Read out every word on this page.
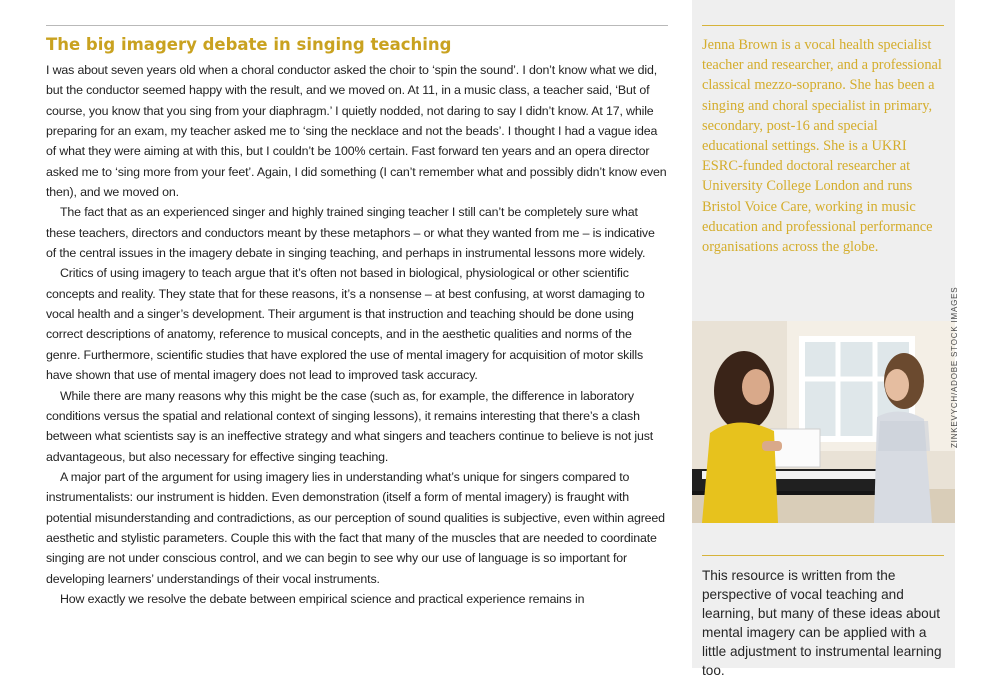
The big imagery debate in singing teaching

I was about seven years old when a choral conductor asked the choir to ‘spin the sound’. I don’t know what we did, but the conductor seemed happy with the result, and we moved on. At 11, in a music class, a teacher said, ‘But of course, you know that you sing from your diaphragm.’ I quietly nodded, not daring to say I didn’t know. At 17, while preparing for an exam, my teacher asked me to ‘sing the necklace and not the beads’. I thought I had a vague idea of what they were aiming at with this, but I couldn’t be 100% certain. Fast forward ten years and an opera director asked me to ‘sing more from your feet’. Again, I did something (I can’t remember what and possibly didn’t know even then), and we moved on.

The fact that as an experienced singer and highly trained singing teacher I still can’t be completely sure what these teachers, directors and conductors meant by these metaphors – or what they wanted from me – is indicative of the central issues in the imagery debate in singing teaching, and perhaps in instrumental lessons more widely.

Critics of using imagery to teach argue that it’s often not based in biological, physiological or other scientific concepts and reality. They state that for these reasons, it’s a nonsense – at best confusing, at worst damaging to vocal health and a singer’s development. Their argument is that instruction and teaching should be done using correct descriptions of anatomy, reference to musical concepts, and in the aesthetic qualities and norms of the genre. Furthermore, scientific studies that have explored the use of mental imagery for acquisition of motor skills have shown that use of mental imagery does not lead to improved task accuracy.

While there are many reasons why this might be the case (such as, for example, the difference in laboratory conditions versus the spatial and relational context of singing lessons), it remains interesting that there’s a clash between what scientists say is an ineffective strategy and what singers and teachers continue to believe is not just advantageous, but also necessary for effective singing teaching.

A major part of the argument for using imagery lies in understanding what’s unique for singers compared to instrumentalists: our instrument is hidden. Even demonstration (itself a form of mental imagery) is fraught with potential misunderstanding and contradictions, as our perception of sound qualities is subjective, even within agreed aesthetic and stylistic parameters. Couple this with the fact that many of the muscles that are needed to coordinate singing are not under conscious control, and we can begin to see why our use of language is so important for developing learners’ understandings of their vocal instruments.

How exactly we resolve the debate between empirical science and practical experience remains in

Jenna Brown is a vocal health specialist teacher and researcher, and a professional classical mezzo-soprano. She has been a singing and choral specialist in primary, secondary, post-16 and special educational settings. She is a UKRI ESRC-funded doctoral researcher at University College London and runs Bristol Voice Care, working in music education and professional performance organisations across the globe.
This resource is written from the perspective of vocal teaching and learning, but many of these ideas about mental imagery can be applied with a little adjustment to instrumental learning too.
ZINKEVYCH/ADOBE STOCK IMAGES
